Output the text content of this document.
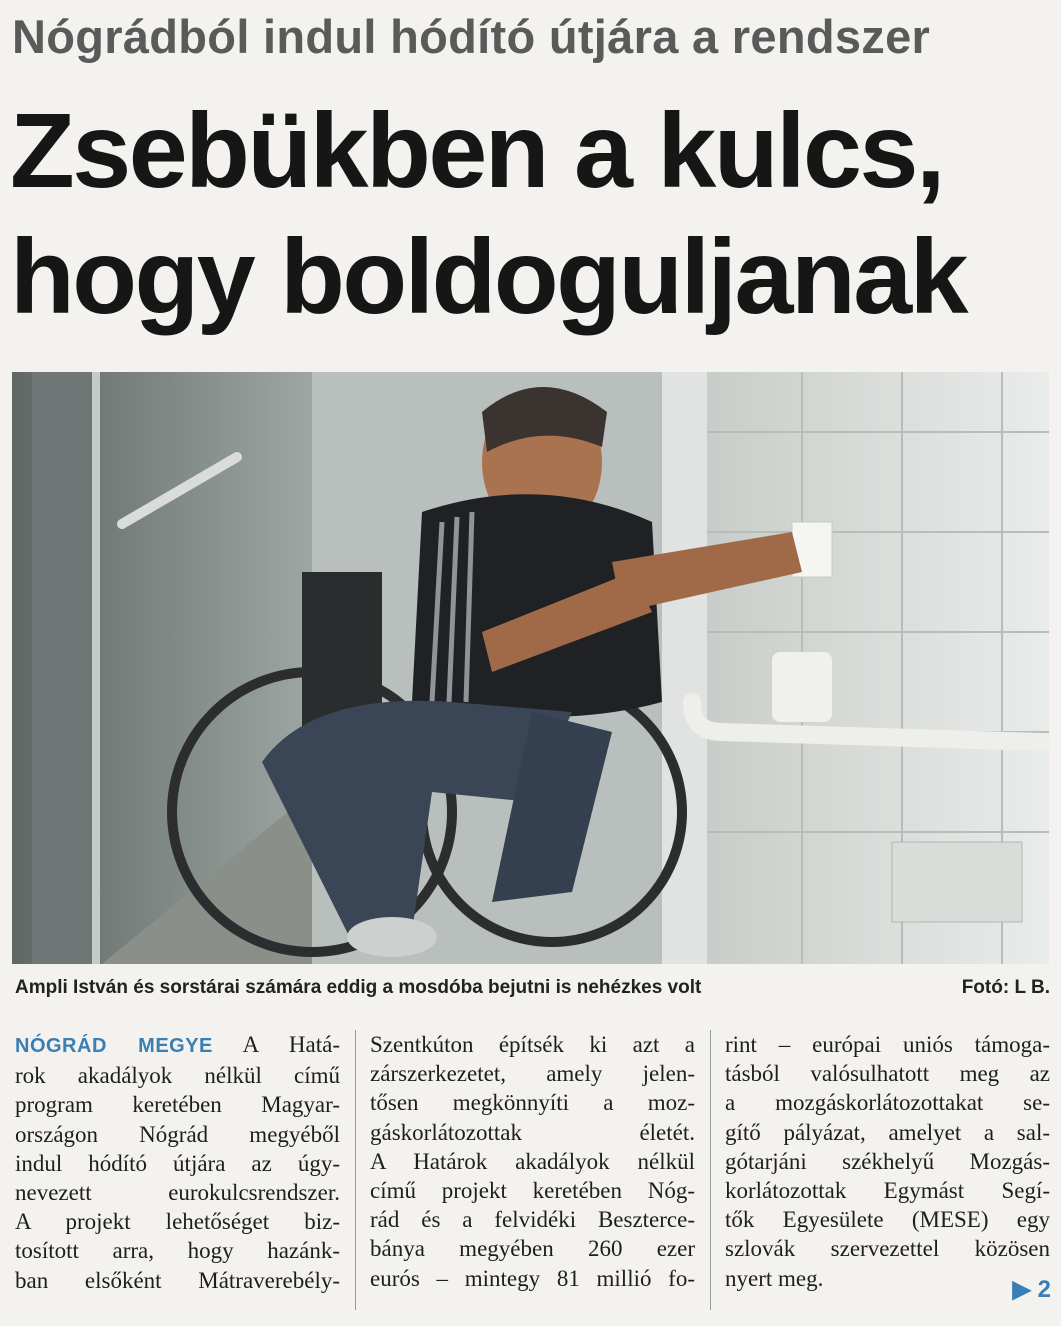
Nógrádból indul hódító útjára a rendszer
Zsebükben a kulcs,
hogy boldoguljanak
Ampli István és sorstárai számára eddig a mosdóba bejutni is nehézkes volt	Fotó: L B.
NÓGRÁD MEGYE A Hatá-
rok akadályok nélkül című
program keretében Magyar-
országon Nógrád megyéből
indul hódító útjára az úgy-
nevezett eurokulcsrendszer.
A projekt lehetőséget biz-
tosított arra, hogy hazánk-
ban elsőként Mátraverebély-
Szentkúton építsék ki azt a
zárszerkezetet, amely jelen-
tősen megkönnyíti a moz-
gáskorlátozottak életét.
A Határok akadályok nélkül
című projekt keretében Nóg-
rád és a felvidéki Beszterce-
bánya megyében 260 ezer
eurós – mintegy 81 millió fo-
rint – európai uniós támoga-
tásból valósulhatott meg az
a mozgáskorlátozottakat se-
gítő pályázat, amelyet a sal-
gótarjáni székhelyű Mozgás-
korlátozottak Egymást Segí-
tők Egyesülete (MESE) egy
szlovák szervezettel közösen
nyert meg.	▶ 2
